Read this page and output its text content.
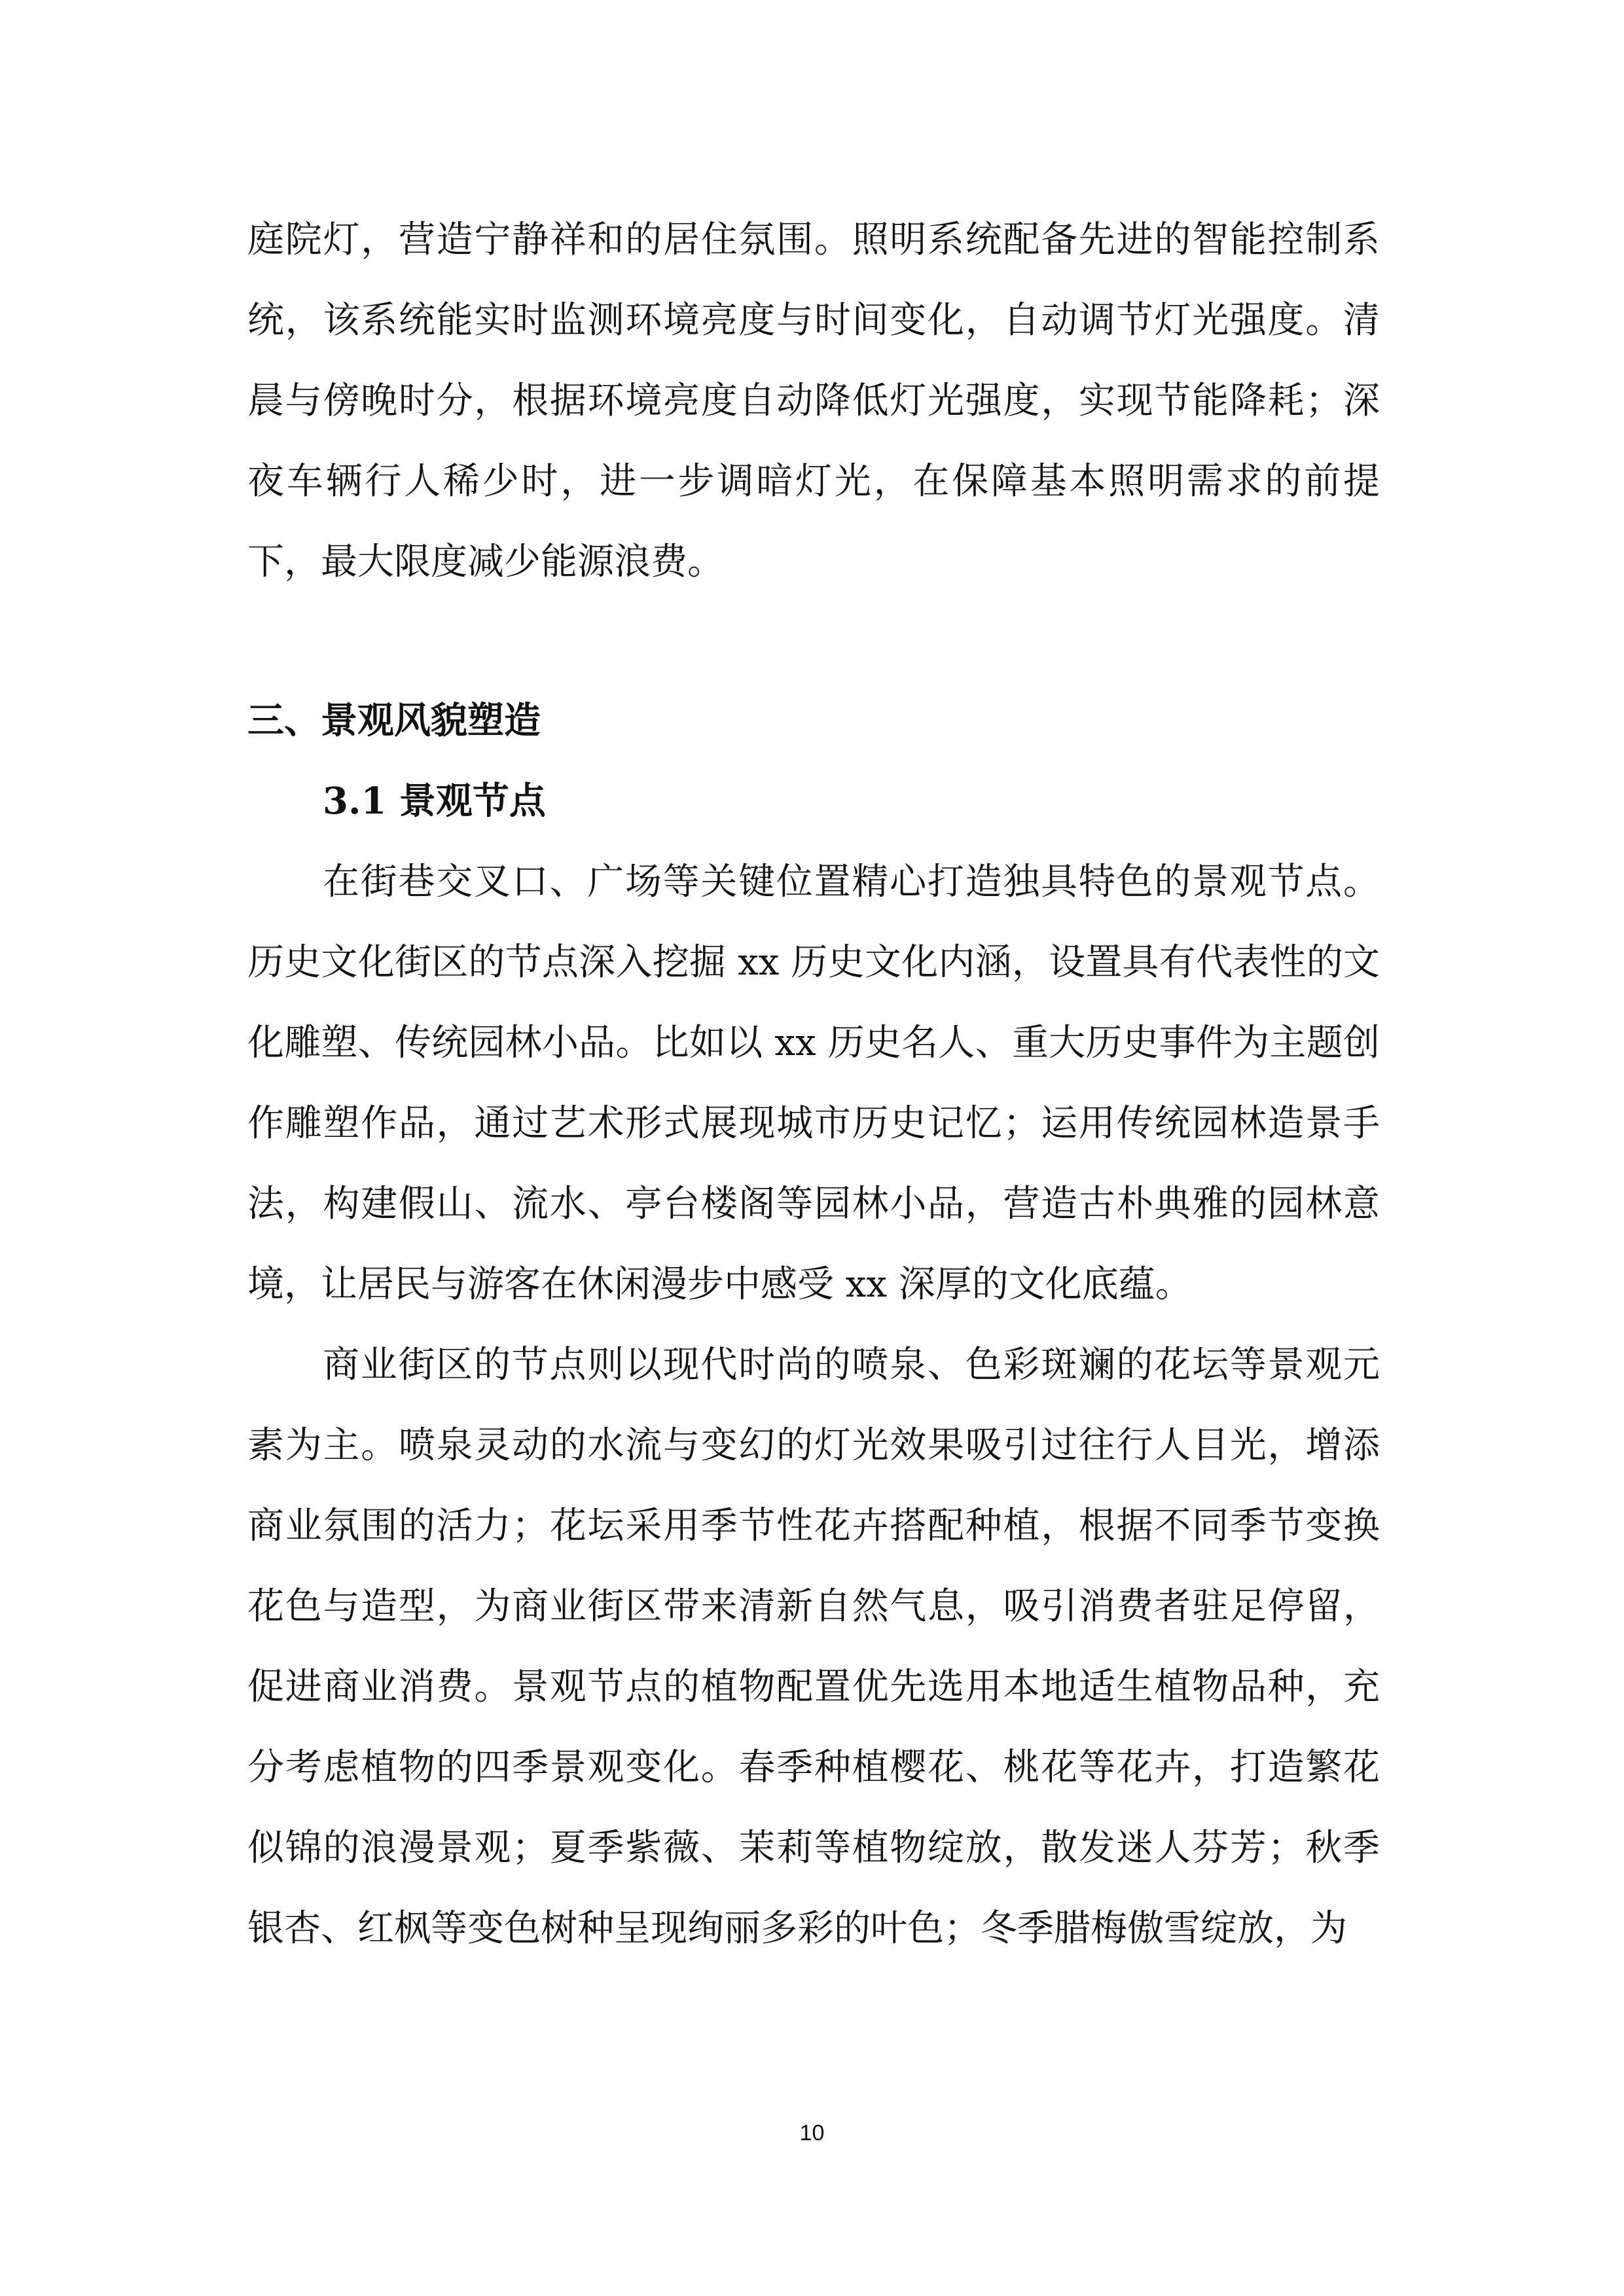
庭院灯，营造宁静祥和的居住氛围。照明系统配备先进的智能控制系统，该系统能实时监测环境亮度与时间变化，自动调节灯光强度。清晨与傍晚时分，根据环境亮度自动降低灯光强度，实现节能降耗；深夜车辆行人稀少时，进一步调暗灯光，在保障基本照明需求的前提下，最大限度减少能源浪费。

三、景观风貌塑造
3.1 景观节点

在街巷交叉口、广场等关键位置精心打造独具特色的景观节点。历史文化街区的节点深入挖掘 xx 历史文化内涵，设置具有代表性的文化雕塑、传统园林小品。比如以 xx 历史名人、重大历史事件为主题创作雕塑作品，通过艺术形式展现城市历史记忆；运用传统园林造景手法，构建假山、流水、亭台楼阁等园林小品，营造古朴典雅的园林意境，让居民与游客在休闲漫步中感受 xx 深厚的文化底蕴。

商业街区的节点则以现代时尚的喷泉、色彩斑斓的花坛等景观元素为主。喷泉灵动的水流与变幻的灯光效果吸引过往行人目光，增添商业氛围的活力；花坛采用季节性花卉搭配种植，根据不同季节变换花色与造型，为商业街区带来清新自然气息，吸引消费者驻足停留，促进商业消费。景观节点的植物配置优先选用本地适生植物品种，充分考虑植物的四季景观变化。春季种植樱花、桃花等花卉，打造繁花似锦的浪漫景观；夏季紫薇、茉莉等植物绽放，散发迷人芬芳；秋季银杏、红枫等变色树种呈现绚丽多彩的叶色；冬季腊梅傲雪绽放，为

10
